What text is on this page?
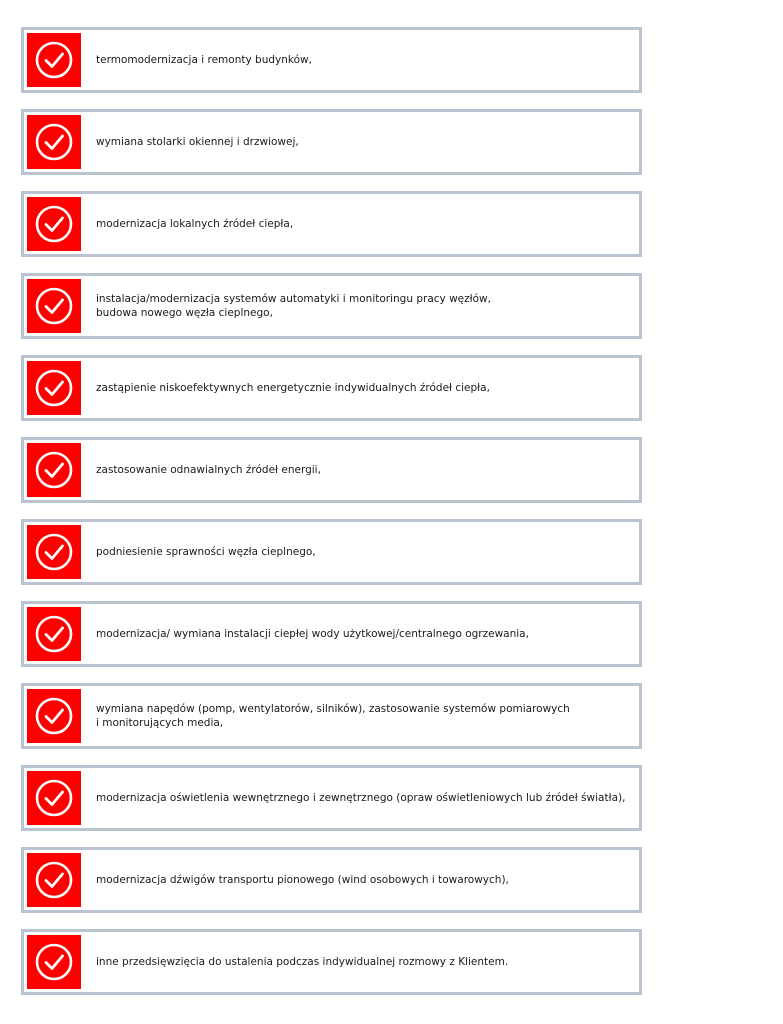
termomodernizacja i remonty budynków,
wymiana stolarki okiennej i drzwiowej,
modernizacja lokalnych źródeł ciepła,
instalacja/modernizacja systemów automatyki i monitoringu pracy węzłów,
budowa nowego węzła cieplnego,
zastąpienie niskoefektywnych energetycznie indywidualnych źródeł ciepła,
zastosowanie odnawialnych źródeł energii,
podniesienie sprawności węzła cieplnego,
modernizacja/ wymiana instalacji ciepłej wody użytkowej/centralnego ogrzewania,
wymiana napędów (pomp, wentylatorów, silników), zastosowanie systemów pomiarowych
i monitorujących media,
modernizacja oświetlenia wewnętrznego i zewnętrznego (opraw oświetleniowych lub źródeł światła),
modernizacja dźwigów transportu pionowego (wind osobowych i towarowych),
inne przedsięwzięcia do ustalenia podczas indywidualnej rozmowy z Klientem.
